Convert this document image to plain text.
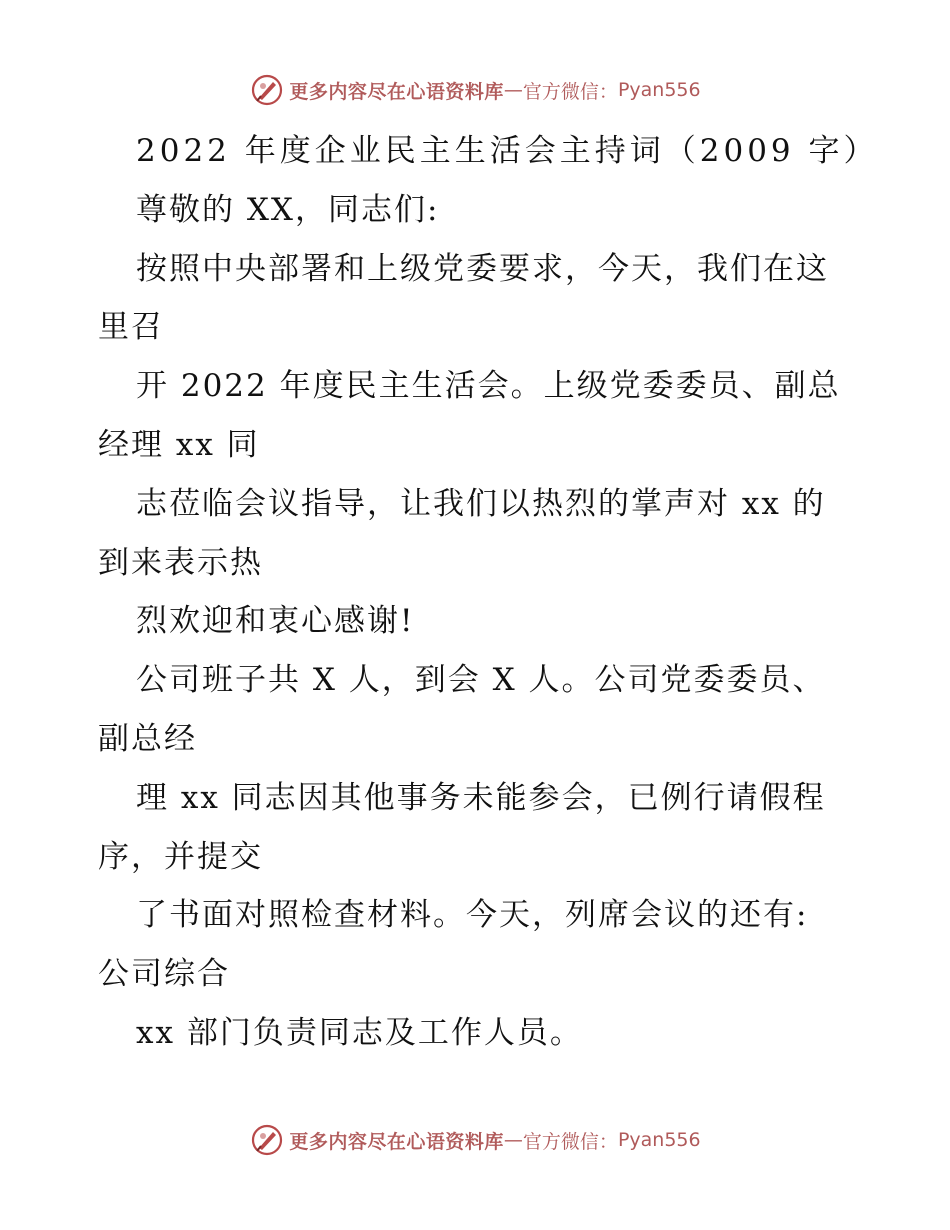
更多内容尽在心语资料库 — 官方微信： Pyan556
2022 年度企业民主生活会主持词（2009 字）
尊敬的 XX，同志们:
按照中央部署和上级党委要求，今天，我们在这
里召
开 2022 年度民主生活会。上级党委委员、副总
经理 xx 同
志莅临会议指导，让我们以热烈的掌声对 xx 的
到来表示热
烈欢迎和衷心感谢!
公司班子共 X 人，到会 X 人。公司党委委员、
副总经
理 xx 同志因其他事务未能参会，已例行请假程
序，并提交
了书面对照检查材料。今天，列席会议的还有:
公司综合
xx 部门负责同志及工作人员。
更多内容尽在心语资料库 — 官方微信： Pyan556
